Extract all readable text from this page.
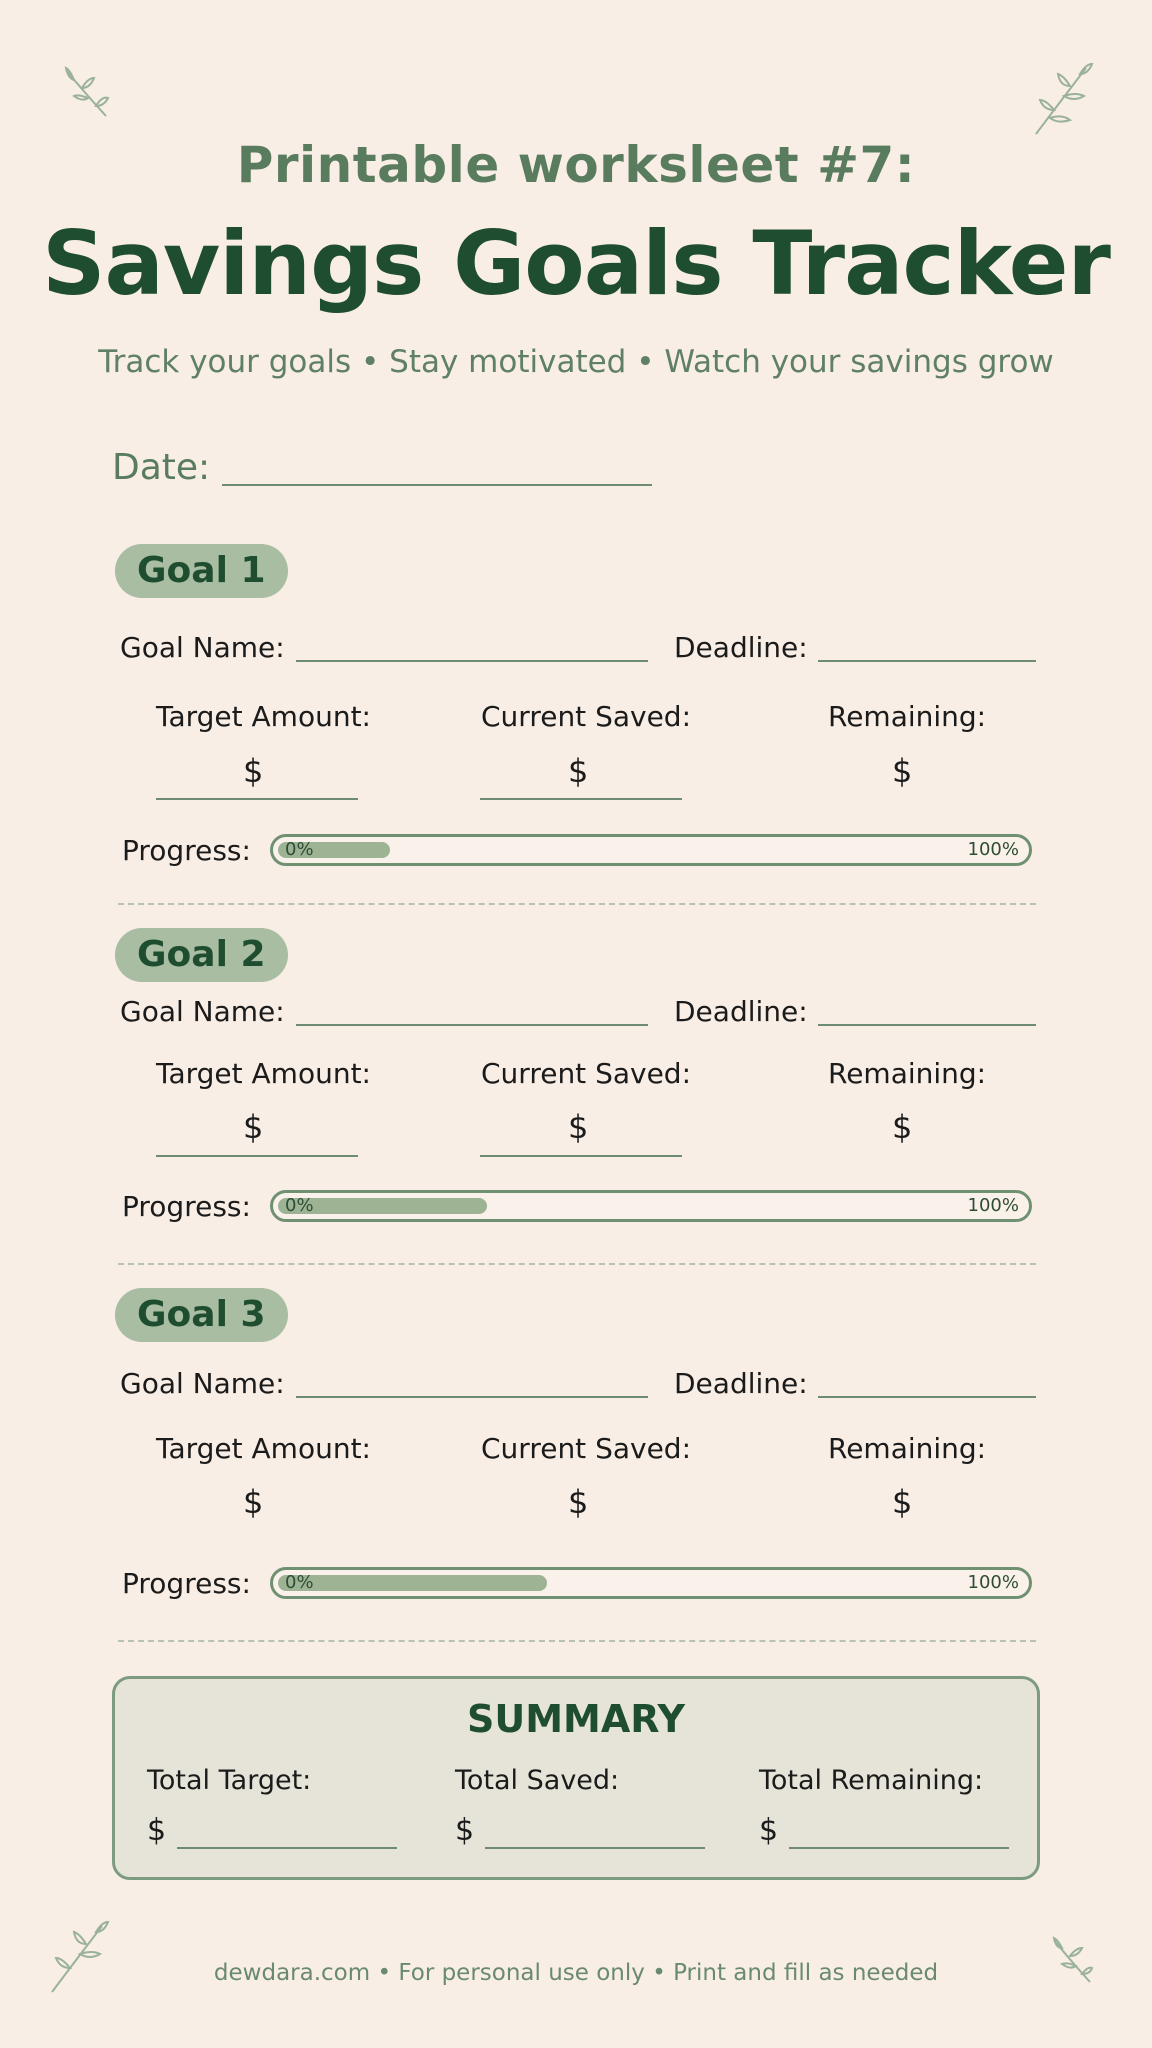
Printable worksleet #7:
Savings Goals Tracker
Track your goals • Stay motivated • Watch your savings grow
Date:
Goal 1
Goal Name:	Deadline:
Target Amount:
$
Current Saved:
$
Remaining:
$
Progress: 0%	100%
Goal 2
Goal Name:	Deadline:
Target Amount:
$
Current Saved:
$
Remaining:
$
Progress: 0%	100%
Goal 3
Goal Name:	Deadline:
Target Amount:
$
Current Saved:
$
Remaining:
$
Progress: 0%	100%
SUMMARY
Total Target:
$
Total Saved:
$
Total Remaining:
$
dewdara.com • For personal use only • Print and fill as needed
